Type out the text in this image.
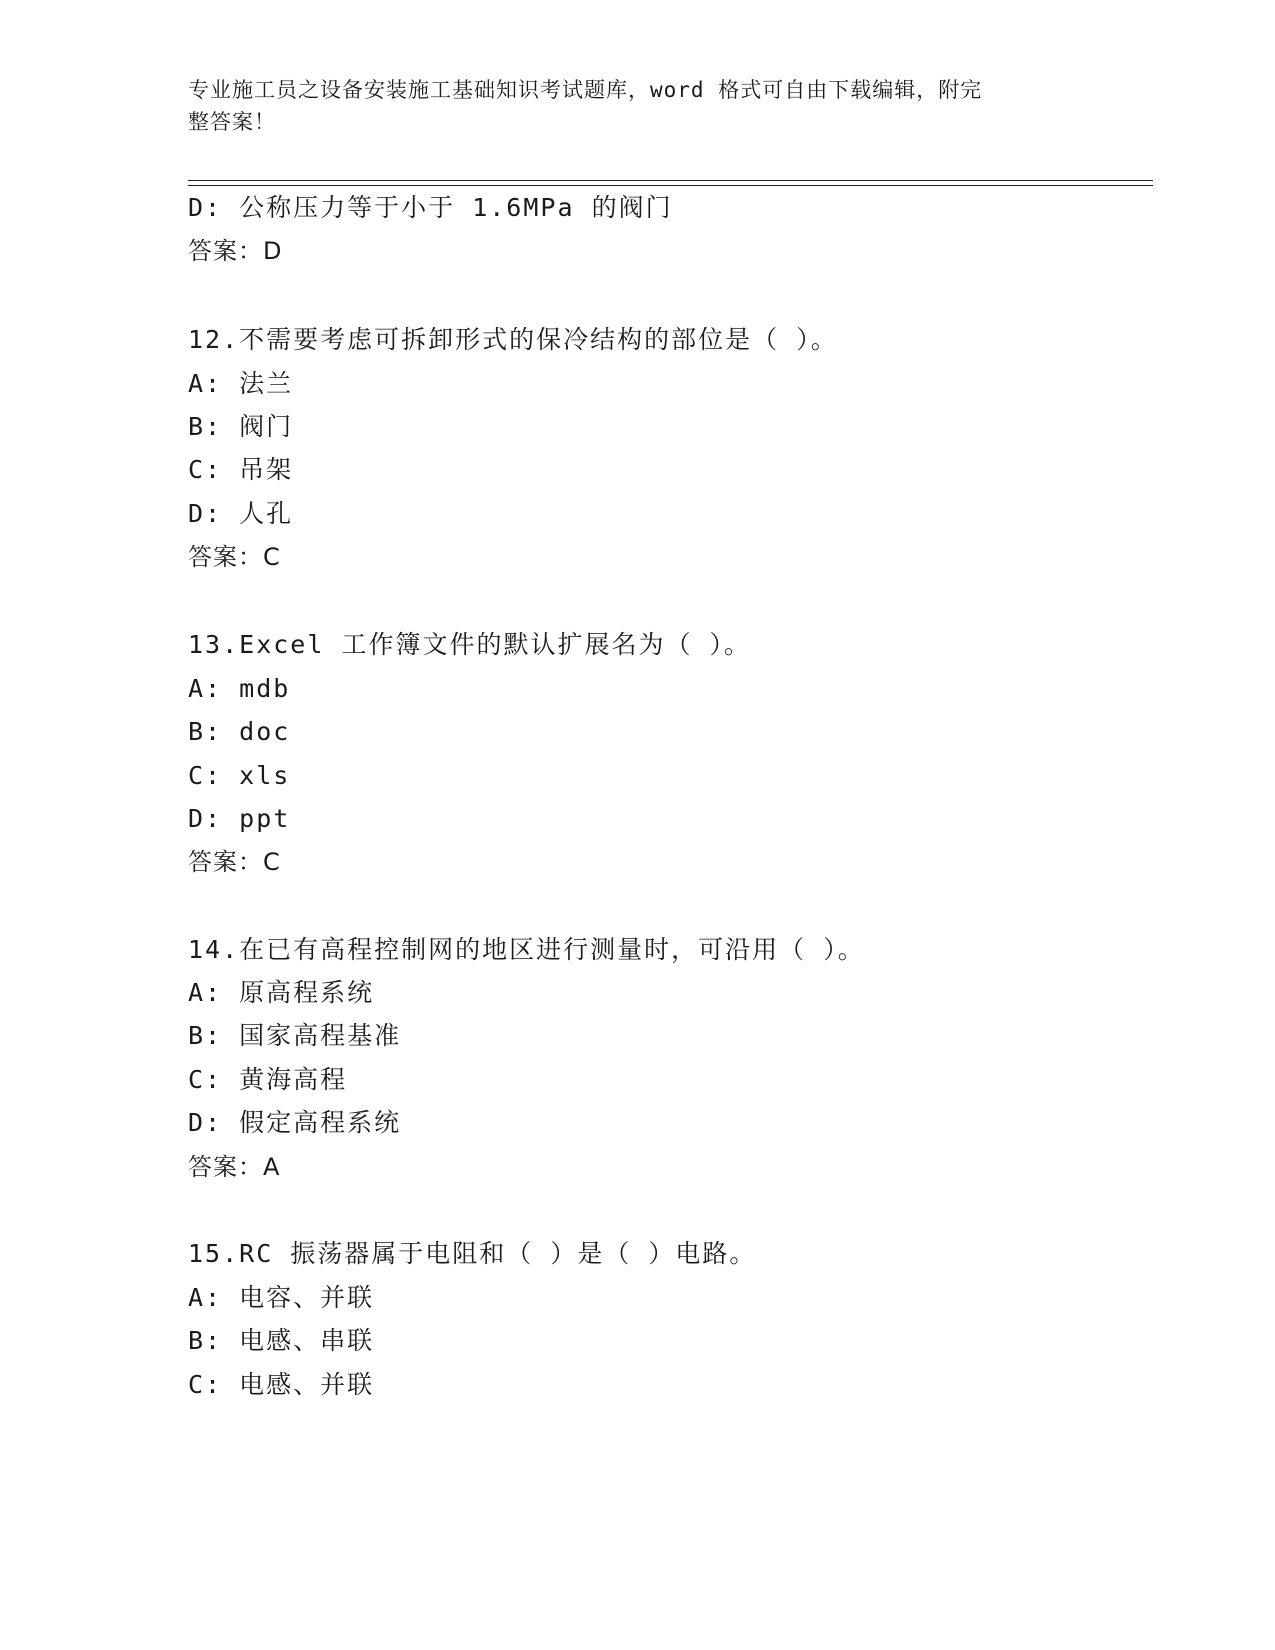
专业施工员之设备安装施工基础知识考试题库，word 格式可自由下载编辑，附完
整答案！
D: 公称压力等于小于 1.6MPa 的阀门
答案：D
12.不需要考虑可拆卸形式的保冷结构的部位是（ ）。
A: 法兰
B: 阀门
C: 吊架
D: 人孔
答案：C
13.Excel 工作簿文件的默认扩展名为（ ）。
A: mdb
B: doc
C: xls
D: ppt
答案：C
14.在已有高程控制网的地区进行测量时，可沿用（ ）。
A: 原高程系统
B: 国家高程基准
C: 黄海高程
D: 假定高程系统
答案：A
15.RC 振荡器属于电阻和（ ）是（ ）电路。
A: 电容、并联
B: 电感、串联
C: 电感、并联
